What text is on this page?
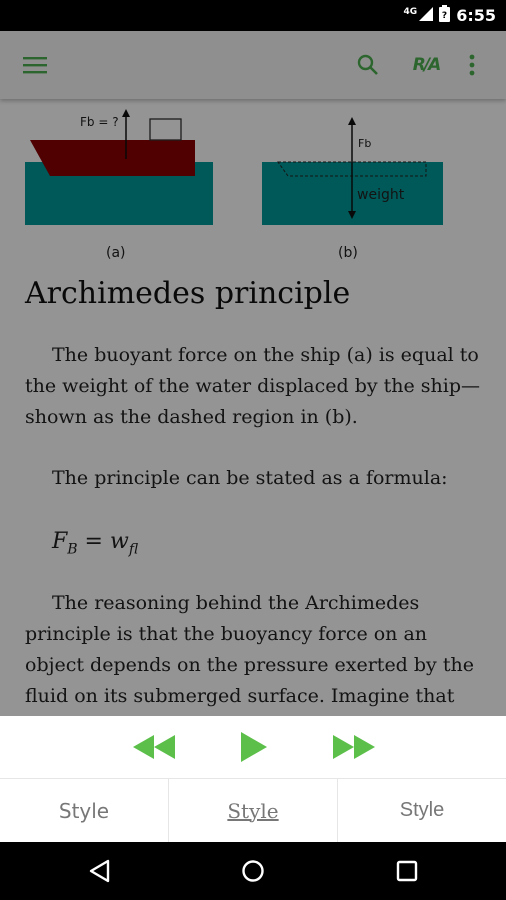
4G	? 6:55
R/A
Fb = ?
Fb
weight
(a)	(b)
Archimedes principle

The buoyant force on the ship (a) is equal to the weight of the water displaced by the ship—shown as the dashed region in (b).

The principle can be stated as a formula:

$F_B = w_{fl}$

The reasoning behind the Archimedes principle is that the buoyancy force on an object depends on the pressure exerted by the fluid on its submerged surface. Imagine that

Style	Style	Style
